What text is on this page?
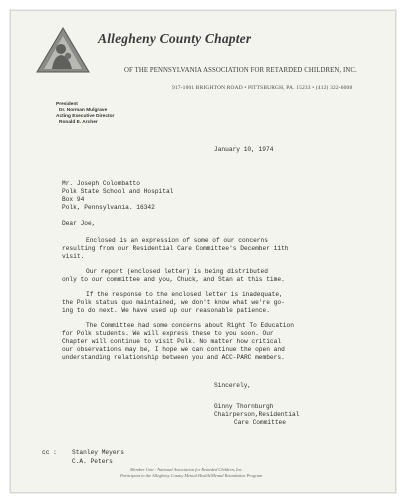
Allegheny County Chapter
OF THE PENNSYLVANIA ASSOCIATION FOR RETARDED CHILDREN, INC.
917-1001 BRIGHTON ROAD • PITTSBURGH, PA. 15233 • (412) 322-6008
President
Dr. Norman Mulgrave
Acting Executive Director
Ronald E. Archer
January 10, 1974
Mr. Joseph Colombatto
Polk State School and Hospital
Box 94
Polk, Pennsylvania. 16342
Dear Joe,
Enclosed is an expression of some of our concerns
resulting from our Residential Care Committee's December 11th
visit.
Our report (enclosed letter) is being distributed
only to our committee and you, Chuck, and Stan at this time.
If the response to the enclosed letter is inadequate,
the Polk status quo maintained, we don't know what we're go-
ing to do next. We have used up our reasonable patience.
The Committee had some concerns about Right To Education
for Polk students. We will express these to you soon. Our
Chapter will continue to visit Polk. No matter how critical
our observations may be, I hope we can continue the open and
understanding relationship between you and ACC-PARC members.
Sincerely,
Ginny Thornburgh
Chairperson,Residential
Care Committee
cc : Stanley Meyers
C.A. Peters
Member Unit - National Association for Retarded Children, Inc.
Participant in the Allegheny County Mental Health/Mental Retardation Program
